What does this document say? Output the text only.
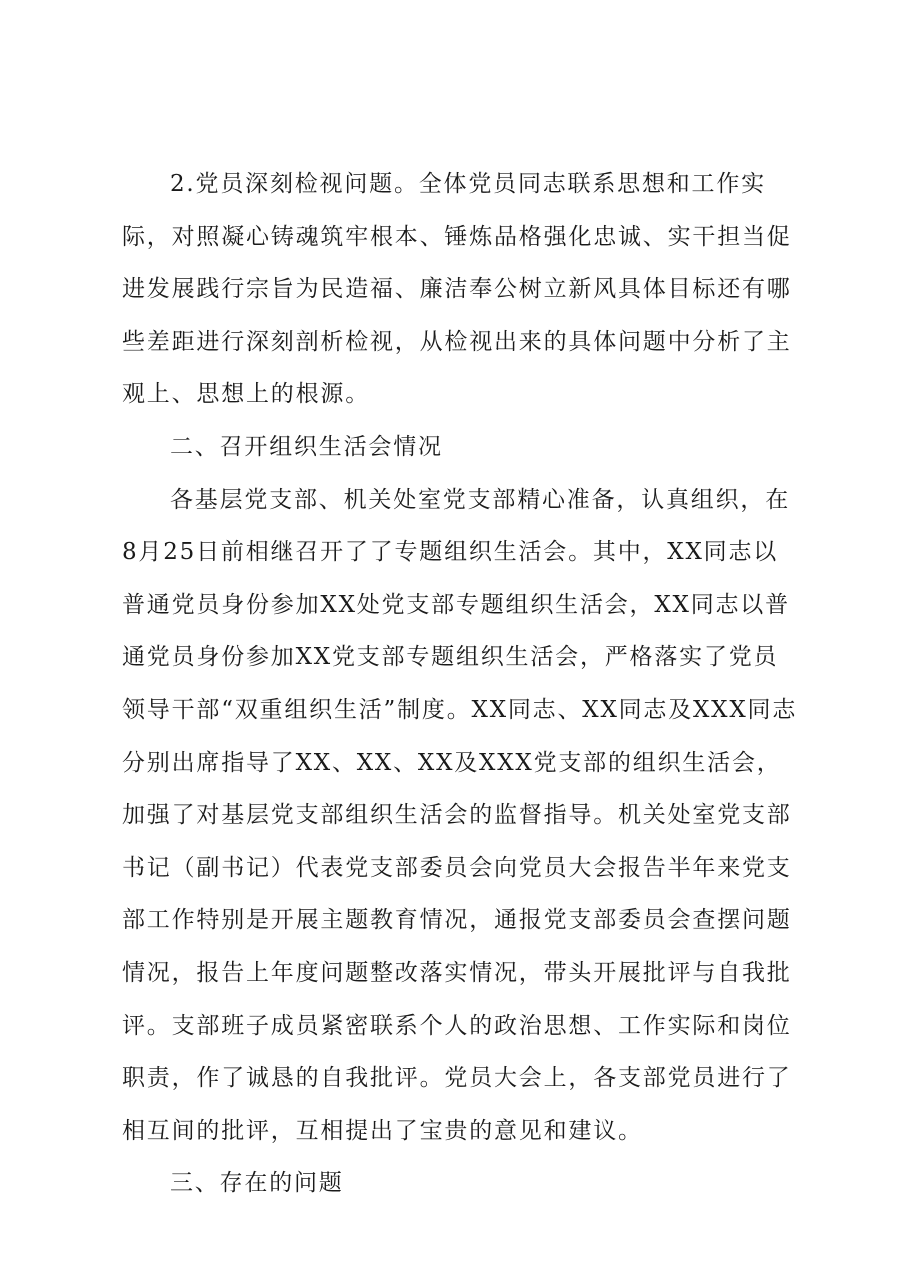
2.党员深刻检视问题。全体党员同志联系思想和工作实际，对照凝心铸魂筑牢根本、锤炼品格强化忠诚、实干担当促进发展践行宗旨为民造福、廉洁奉公树立新风具体目标还有哪些差距进行深刻剖析检视，从检视出来的具体问题中分析了主观上、思想上的根源。

二、召开组织生活会情况

各基层党支部、机关处室党支部精心准备，认真组织，在8月25日前相继召开了了专题组织生活会。其中，XX同志以普通党员身份参加XX处党支部专题组织生活会，XX同志以普通党员身份参加XX党支部专题组织生活会，严格落实了党员领导干部“双重组织生活”制度。XX同志、XX同志及XXX同志分别出席指导了XX、XX、XX及XXX党支部的组织生活会，加强了对基层党支部组织生活会的监督指导。机关处室党支部书记（副书记）代表党支部委员会向党员大会报告半年来党支部工作特别是开展主题教育情况，通报党支部委员会查摆问题情况，报告上年度问题整改落实情况，带头开展批评与自我批评。支部班子成员紧密联系个人的政治思想、工作实际和岗位职责，作了诚恳的自我批评。党员大会上，各支部党员进行了相互间的批评，互相提出了宝贵的意见和建议。

三、存在的问题
